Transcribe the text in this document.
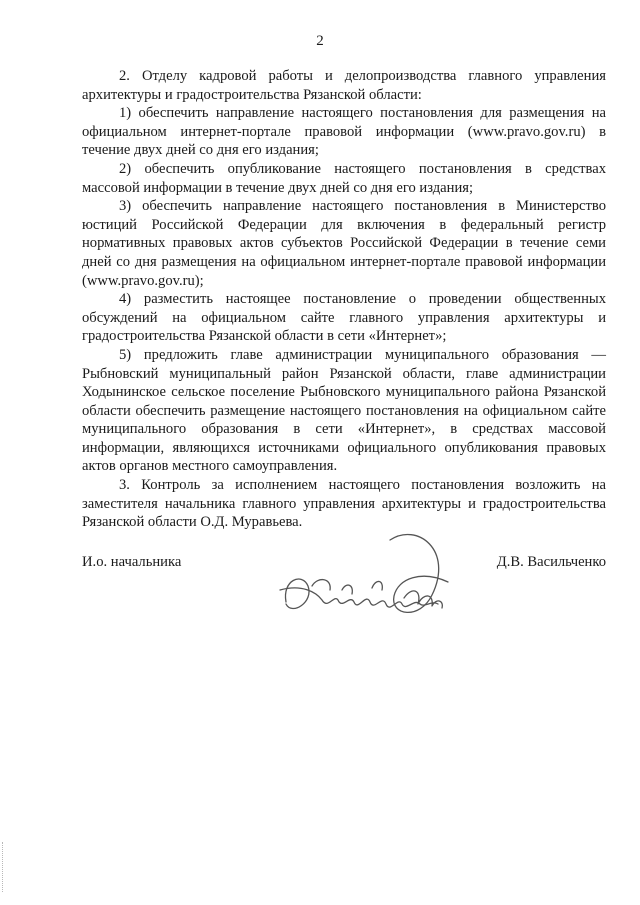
2

2. Отделу кадровой работы и делопроизводства главного управления архитектуры и градостроительства Рязанской области:

1) обеспечить направление настоящего постановления для размещения на официальном интернет-портале правовой информации (www.pravo.gov.ru) в течение двух дней со дня его издания;

2) обеспечить опубликование настоящего постановления в средствах массовой информации в течение двух дней со дня его издания;

3) обеспечить направление настоящего постановления в Министерство юстиций Российской Федерации для включения в федеральный регистр нормативных правовых актов субъектов Российской Федерации в течение семи дней со дня размещения на официальном интернет-портале правовой информации (www.pravo.gov.ru);

4) разместить настоящее постановление о проведении общественных обсуждений на официальном сайте главного управления архитектуры и градостроительства Рязанской области в сети «Интернет»;

5) предложить главе администрации муниципального образования — Рыбновский муниципальный район Рязанской области, главе администрации Ходынинское сельское поселение Рыбновского муниципального района Рязанской области обеспечить размещение настоящего постановления на официальном сайте муниципального образования в сети «Интернет», в средствах массовой информации, являющихся источниками официального опубликования правовых актов органов местного самоуправления.

3. Контроль за исполнением настоящего постановления возложить на заместителя начальника главного управления архитектуры и градостроительства Рязанской области О.Д. Муравьева.

И.о. начальника	Д.В. Васильченко
